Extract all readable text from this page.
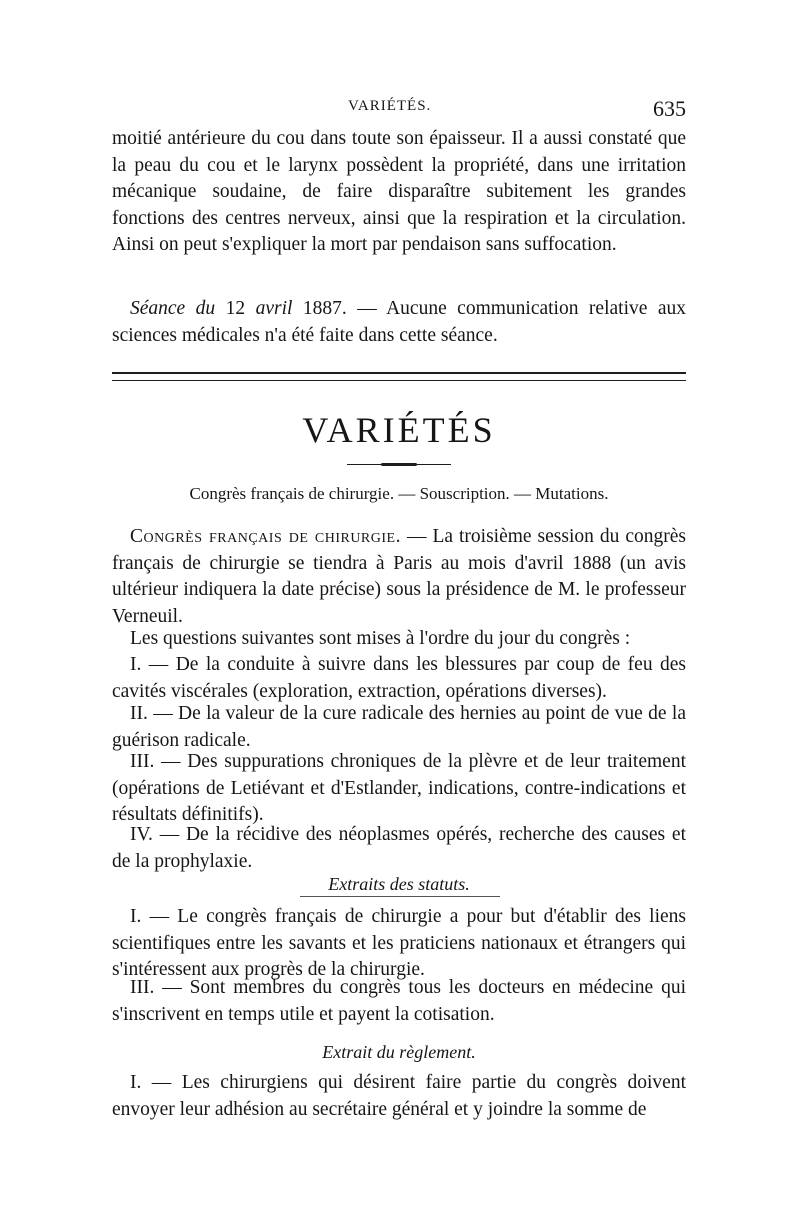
VARIÉTÉS.	635

moitié antérieure du cou dans toute son épaisseur. Il a aussi constaté que la peau du cou et le larynx possèdent la propriété, dans une irritation mécanique soudaine, de faire disparaître subitement les grandes fonctions des centres nerveux, ainsi que la respiration et la circulation. Ainsi on peut s'expliquer la mort par pendaison sans suffocation.

Séance du 12 avril 1887. — Aucune communication relative aux sciences médicales n'a été faite dans cette séance.

VARIÉTÉS
Congrès français de chirurgie. — Souscription. — Mutations.

Congrès français de chirurgie. — La troisième session du congrès français de chirurgie se tiendra à Paris au mois d'avril 1888 (un avis ultérieur indiquera la date précise) sous la présidence de M. le professeur Verneuil.

Les questions suivantes sont mises à l'ordre du jour du congrès :

I. — De la conduite à suivre dans les blessures par coup de feu des cavités viscérales (exploration, extraction, opérations diverses).

II. — De la valeur de la cure radicale des hernies au point de vue de la guérison radicale.

III. — Des suppurations chroniques de la plèvre et de leur traitement (opérations de Letiévant et d'Estlander, indications, contre-indications et résultats définitifs).

IV. — De la récidive des néoplasmes opérés, recherche des causes et de la prophylaxie.

Extraits des statuts.

I. — Le congrès français de chirurgie a pour but d'établir des liens scientifiques entre les savants et les praticiens nationaux et étrangers qui s'intéressent aux progrès de la chirurgie.

III. — Sont membres du congrès tous les docteurs en médecine qui s'inscrivent en temps utile et payent la cotisation.

Extrait du règlement.

I. — Les chirurgiens qui désirent faire partie du congrès doivent envoyer leur adhésion au secrétaire général et y joindre la somme de
